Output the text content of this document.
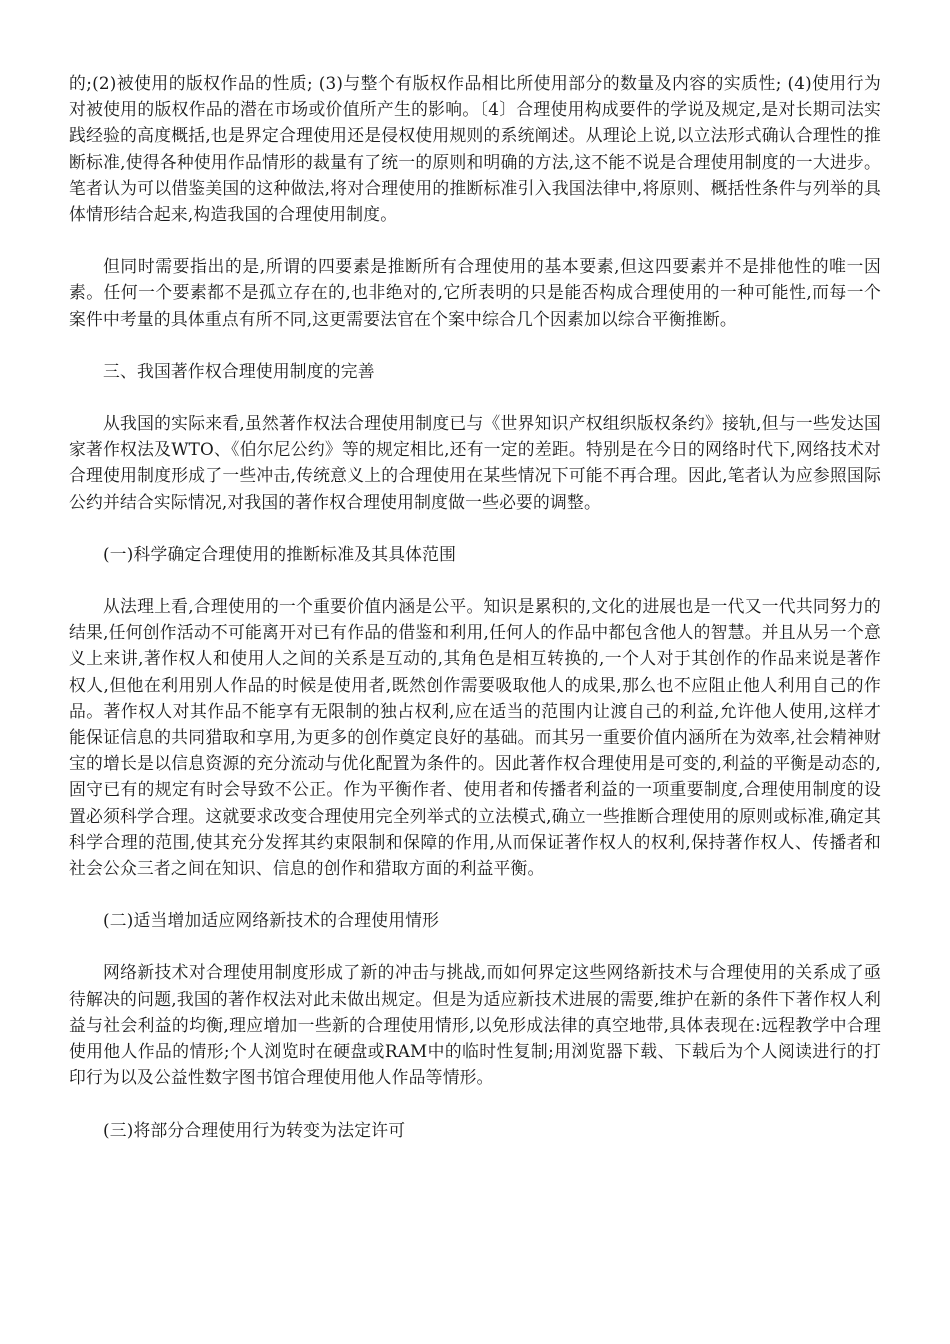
的;(2)被使用的版权作品的性质; (3)与整个有版权作品相比所使用部分的数量及内容的实质性; (4)使用行为对被使用的版权作品的潜在市场或价值所产生的影响。〔4〕合理使用构成要件的学说及规定,是对长期司法实践经验的高度概括,也是界定合理使用还是侵权使用规则的系统阐述。从理论上说,以立法形式确认合理性的推断标准,使得各种使用作品情形的裁量有了统一的原则和明确的方法,这不能不说是合理使用制度的一大进步。笔者认为可以借鉴美国的这种做法,将对合理使用的推断标准引入我国法律中,将原则、概括性条件与列举的具体情形结合起来,构造我国的合理使用制度。

但同时需要指出的是,所谓的四要素是推断所有合理使用的基本要素,但这四要素并不是排他性的唯一因素。任何一个要素都不是孤立存在的,也非绝对的,它所表明的只是能否构成合理使用的一种可能性,而每一个案件中考量的具体重点有所不同,这更需要法官在个案中综合几个因素加以综合平衡推断。

三、我国著作权合理使用制度的完善

从我国的实际来看,虽然著作权法合理使用制度已与《世界知识产权组织版权条约》接轨,但与一些发达国家著作权法及WTO、《伯尔尼公约》等的规定相比,还有一定的差距。特别是在今日的网络时代下,网络技术对合理使用制度形成了一些冲击,传统意义上的合理使用在某些情况下可能不再合理。因此,笔者认为应参照国际公约并结合实际情况,对我国的著作权合理使用制度做一些必要的调整。

(一)科学确定合理使用的推断标准及其具体范围

从法理上看,合理使用的一个重要价值内涵是公平。知识是累积的,文化的进展也是一代又一代共同努力的结果,任何创作活动不可能离开对已有作品的借鉴和利用,任何人的作品中都包含他人的智慧。并且从另一个意义上来讲,著作权人和使用人之间的关系是互动的,其角色是相互转换的,一个人对于其创作的作品来说是著作权人,但他在利用别人作品的时候是使用者,既然创作需要吸取他人的成果,那么也不应阻止他人利用自己的作品。著作权人对其作品不能享有无限制的独占权利,应在适当的范围内让渡自己的利益,允许他人使用,这样才能保证信息的共同猎取和享用,为更多的创作奠定良好的基础。而其另一重要价值内涵所在为效率,社会精神财宝的增长是以信息资源的充分流动与优化配置为条件的。因此著作权合理使用是可变的,利益的平衡是动态的,固守已有的规定有时会导致不公正。作为平衡作者、使用者和传播者利益的一项重要制度,合理使用制度的设置必须科学合理。这就要求改变合理使用完全列举式的立法模式,确立一些推断合理使用的原则或标准,确定其科学合理的范围,使其充分发挥其约束限制和保障的作用,从而保证著作权人的权利,保持著作权人、传播者和社会公众三者之间在知识、信息的创作和猎取方面的利益平衡。

(二)适当增加适应网络新技术的合理使用情形

网络新技术对合理使用制度形成了新的冲击与挑战,而如何界定这些网络新技术与合理使用的关系成了亟待解决的问题,我国的著作权法对此未做出规定。但是为适应新技术进展的需要,维护在新的条件下著作权人利益与社会利益的均衡,理应增加一些新的合理使用情形,以免形成法律的真空地带,具体表现在:远程教学中合理使用他人作品的情形;个人浏览时在硬盘或RAM中的临时性复制;用浏览器下载、下载后为个人阅读进行的打印行为以及公益性数字图书馆合理使用他人作品等情形。

(三)将部分合理使用行为转变为法定许可
